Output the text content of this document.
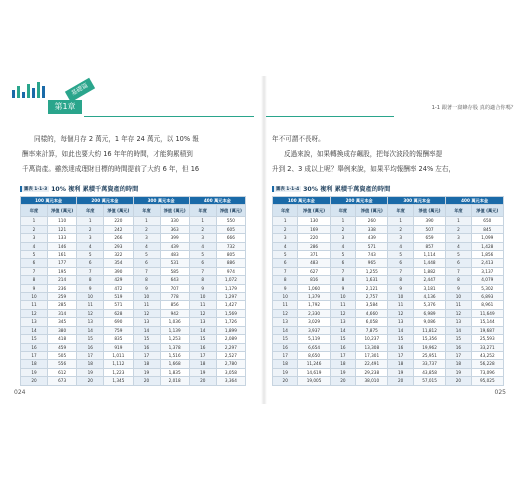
基礎篇
第1章

同樣的，每個月存 2 萬元，1 年存 24 萬元，以 10% 報

酬率來計算，如此也要大約 16 年年的時間，才能夠累積到

千萬資產。雖然達成理財目標的時間提前了大約 6 年，但 16

圖表 1-1-3 10% 複利 累積千萬資產的時間
100 萬元本金		200 萬元本金		300 萬元本金		400 萬元本金	
年度	淨值 (萬元)	年度	淨值 (萬元)	年度	淨值 (萬元)	年度	淨值 (萬元)
1	110	1	220	1	330	1	550
2	121	2	242	2	363	2	605
3	133	3	266	3	399	3	666
4	146	4	293	4	439	4	732
5	161	5	322	5	483	5	805
6	177	6	354	6	531	6	886
7	195	7	390	7	585	7	974
8	214	8	429	8	643	8	1,072
9	236	9	472	9	707	9	1,179
10	259	10	519	10	778	10	1,297
11	285	11	571	11	856	11	1,427
12	314	12	628	12	942	12	1,569
13	345	13	690	13	1,036	13	1,726
14	380	14	759	14	1,139	14	1,899
15	418	15	835	15	1,253	15	2,089
16	459	16	919	16	1,378	16	2,297
17	505	17	1,011	17	1,516	17	2,527
18	556	18	1,112	18	1,668	18	2,780
19	612	19	1,223	19	1,835	19	3,058
20	673	20	1,345	20	2,018	20	3,364
024
1-1 跟著一窩蜂存股 真的適合你嗎？

年不可謂不長呀。

反過來說，如果轉換成存飆股，把每次波段的報酬率提

升到 2、3 成以上呢？舉例來說，如果平均報酬率 24% 左右，

圖表 1-1-4 30% 複利 累積千萬資產的時間
100 萬元本金		200 萬元本金		300 萬元本金		400 萬元本金	
年度	淨值 (萬元)	年度	淨值 (萬元)	年度	淨值 (萬元)	年度	淨值 (萬元)
1	130	1	260	1	390	1	650
2	169	2	338	2	507	2	845
3	220	3	439	3	659	3	1,099
4	286	4	571	4	857	4	1,428
5	371	5	743	5	1,114	5	1,856
6	483	6	965	6	1,448	6	2,413
7	627	7	1,255	7	1,882	7	3,137
8	816	8	1,631	8	2,447	8	4,079
9	1,060	9	2,121	9	3,181	9	5,302
10	1,379	10	2,757	10	4,136	10	6,893
11	1,792	11	3,584	11	5,376	11	8,961
12	2,330	12	4,660	12	6,989	12	11,649
13	3,029	13	6,058	13	9,086	13	15,144
14	3,937	14	7,875	14	11,812	14	19,687
15	5,119	15	10,237	15	15,356	15	25,593
16	6,654	16	13,308	16	19,962	16	33,271
17	8,650	17	17,301	17	25,951	17	43,252
18	11,246	18	22,491	18	33,737	18	56,228
19	14,619	19	29,238	19	43,858	19	73,096
20	19,005	20	38,010	20	57,015	20	95,025
025
